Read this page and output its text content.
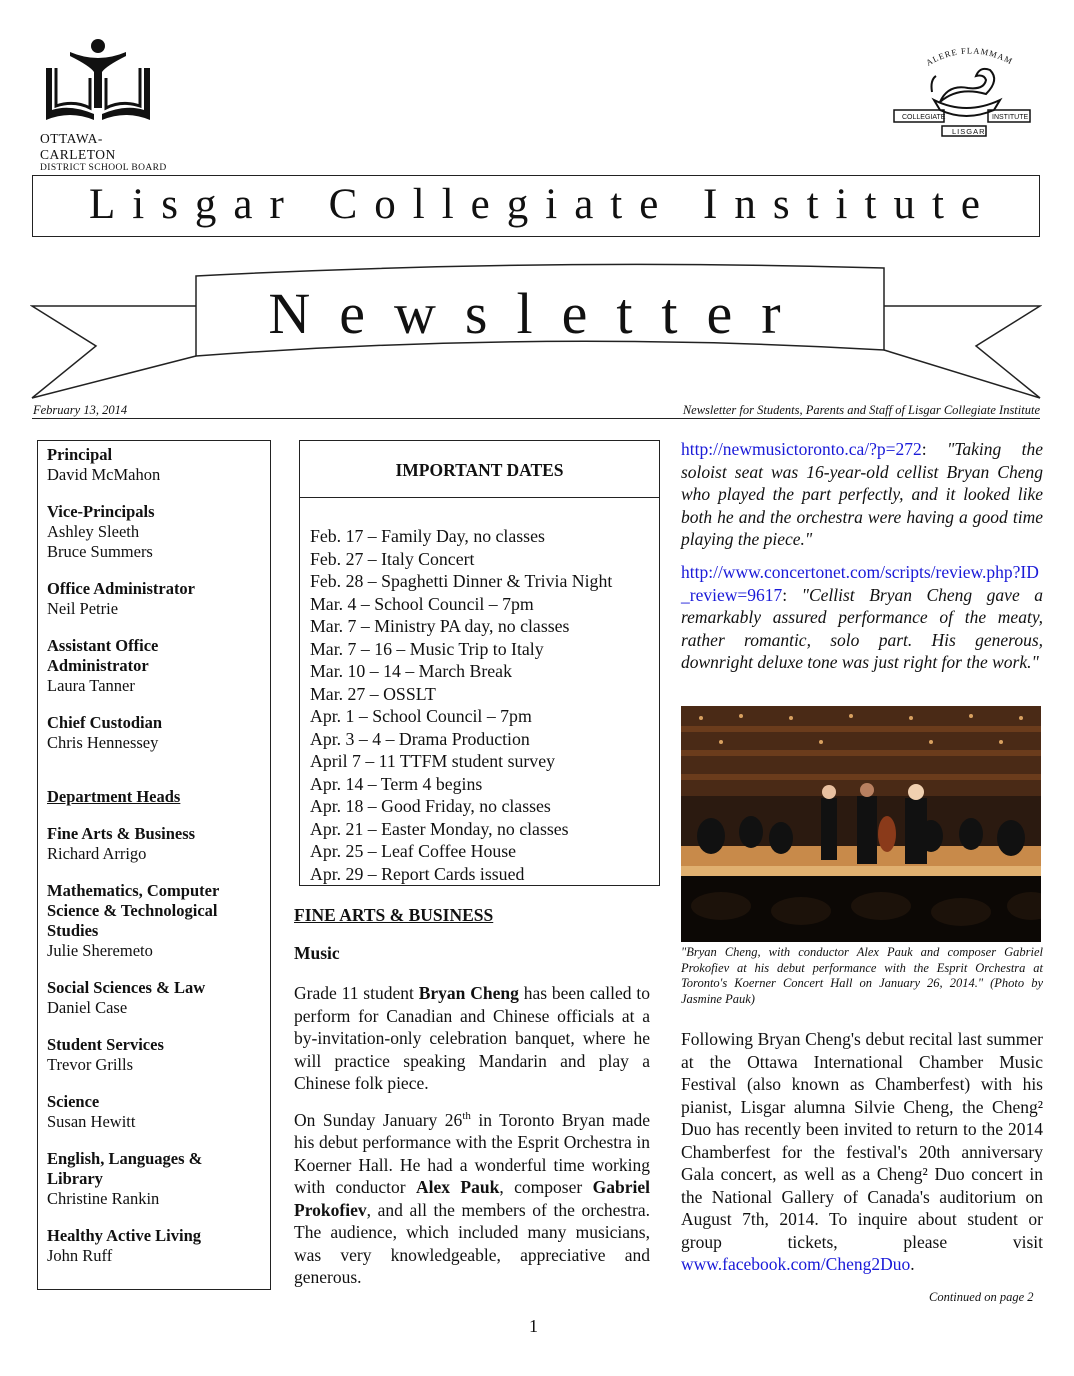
OTTAWA-CARLETON
DISTRICT SCHOOL BOARD
ALERE FLAMMAM
COLLEGIATE	INSTITUTE
LISGAR
Lisgar Collegiate Institute
Newsletter
February 13, 2014	Newsletter for Students, Parents and Staff of Lisgar Collegiate Institute
Principal
David McMahon
Vice-Principals
Ashley Sleeth
Bruce Summers
Office Administrator
Neil Petrie
Assistant Office Administrator
Laura Tanner
Chief Custodian
Chris Hennessey
Department Heads
Fine Arts & Business
Richard Arrigo
Mathematics, Computer Science & Technological Studies
Julie Sheremeto
Social Sciences & Law
Daniel Case
Student Services
Trevor Grills
Science
Susan Hewitt
English, Languages & Library
Christine Rankin
Healthy Active Living
John Ruff
IMPORTANT DATES
Feb. 17 – Family Day, no classes
Feb. 27 – Italy Concert
Feb. 28 – Spaghetti Dinner & Trivia Night
Mar. 4 – School Council – 7pm
Mar. 7 – Ministry PA day, no classes
Mar. 7 – 16 – Music Trip to Italy
Mar. 10 – 14 – March Break
Mar. 27 – OSSLT
Apr. 1 – School Council – 7pm
Apr. 3 – 4 – Drama Production
April 7 – 11 TTFM student survey
Apr. 14 – Term 4 begins
Apr. 18 – Good Friday, no classes
Apr. 21 – Easter Monday, no classes
Apr. 25 – Leaf Coffee House
Apr. 29 – Report Cards issued
FINE ARTS & BUSINESS
Music
Grade 11 student Bryan Cheng has been called to perform for Canadian and Chinese officials at a by-invitation-only celebration banquet, where he will practice speaking Mandarin and play a Chinese folk piece.
On Sunday January 26th in Toronto Bryan made his debut performance with the Esprit Orchestra in Koerner Hall. He had a wonderful time working with conductor Alex Pauk, composer Gabriel Prokofiev, and all the members of the orchestra. The audience, which included many musicians, was very knowledgeable, appreciative and generous.
http://newmusictoronto.ca/?p=272: "Taking the soloist seat was 16-year-old cellist Bryan Cheng who played the part perfectly, and it looked like both he and the orchestra were having a good time playing the piece."
http://www.concertonet.com/scripts/review.php?ID_review=9617: "Cellist Bryan Cheng gave a remarkably assured performance of the meaty, rather romantic, solo part. His generous, downright deluxe tone was just right for the work."
"Bryan Cheng, with conductor Alex Pauk and composer Gabriel Prokofiev at his debut performance with the Esprit Orchestra at Toronto's Koerner Concert Hall on January 26, 2014." (Photo by Jasmine Pauk)
Following Bryan Cheng's debut recital last summer at the Ottawa International Chamber Music Festival (also known as Chamberfest) with his pianist, Lisgar alumna Silvie Cheng, the Cheng² Duo has recently been invited to return to the 2014 Chamberfest for the festival's 20th anniversary Gala concert, as well as a Cheng² Duo concert in the National Gallery of Canada's auditorium on August 7th, 2014. To inquire about student or group tickets, please visit www.facebook.com/Cheng2Duo.
Continued on page 2
1
